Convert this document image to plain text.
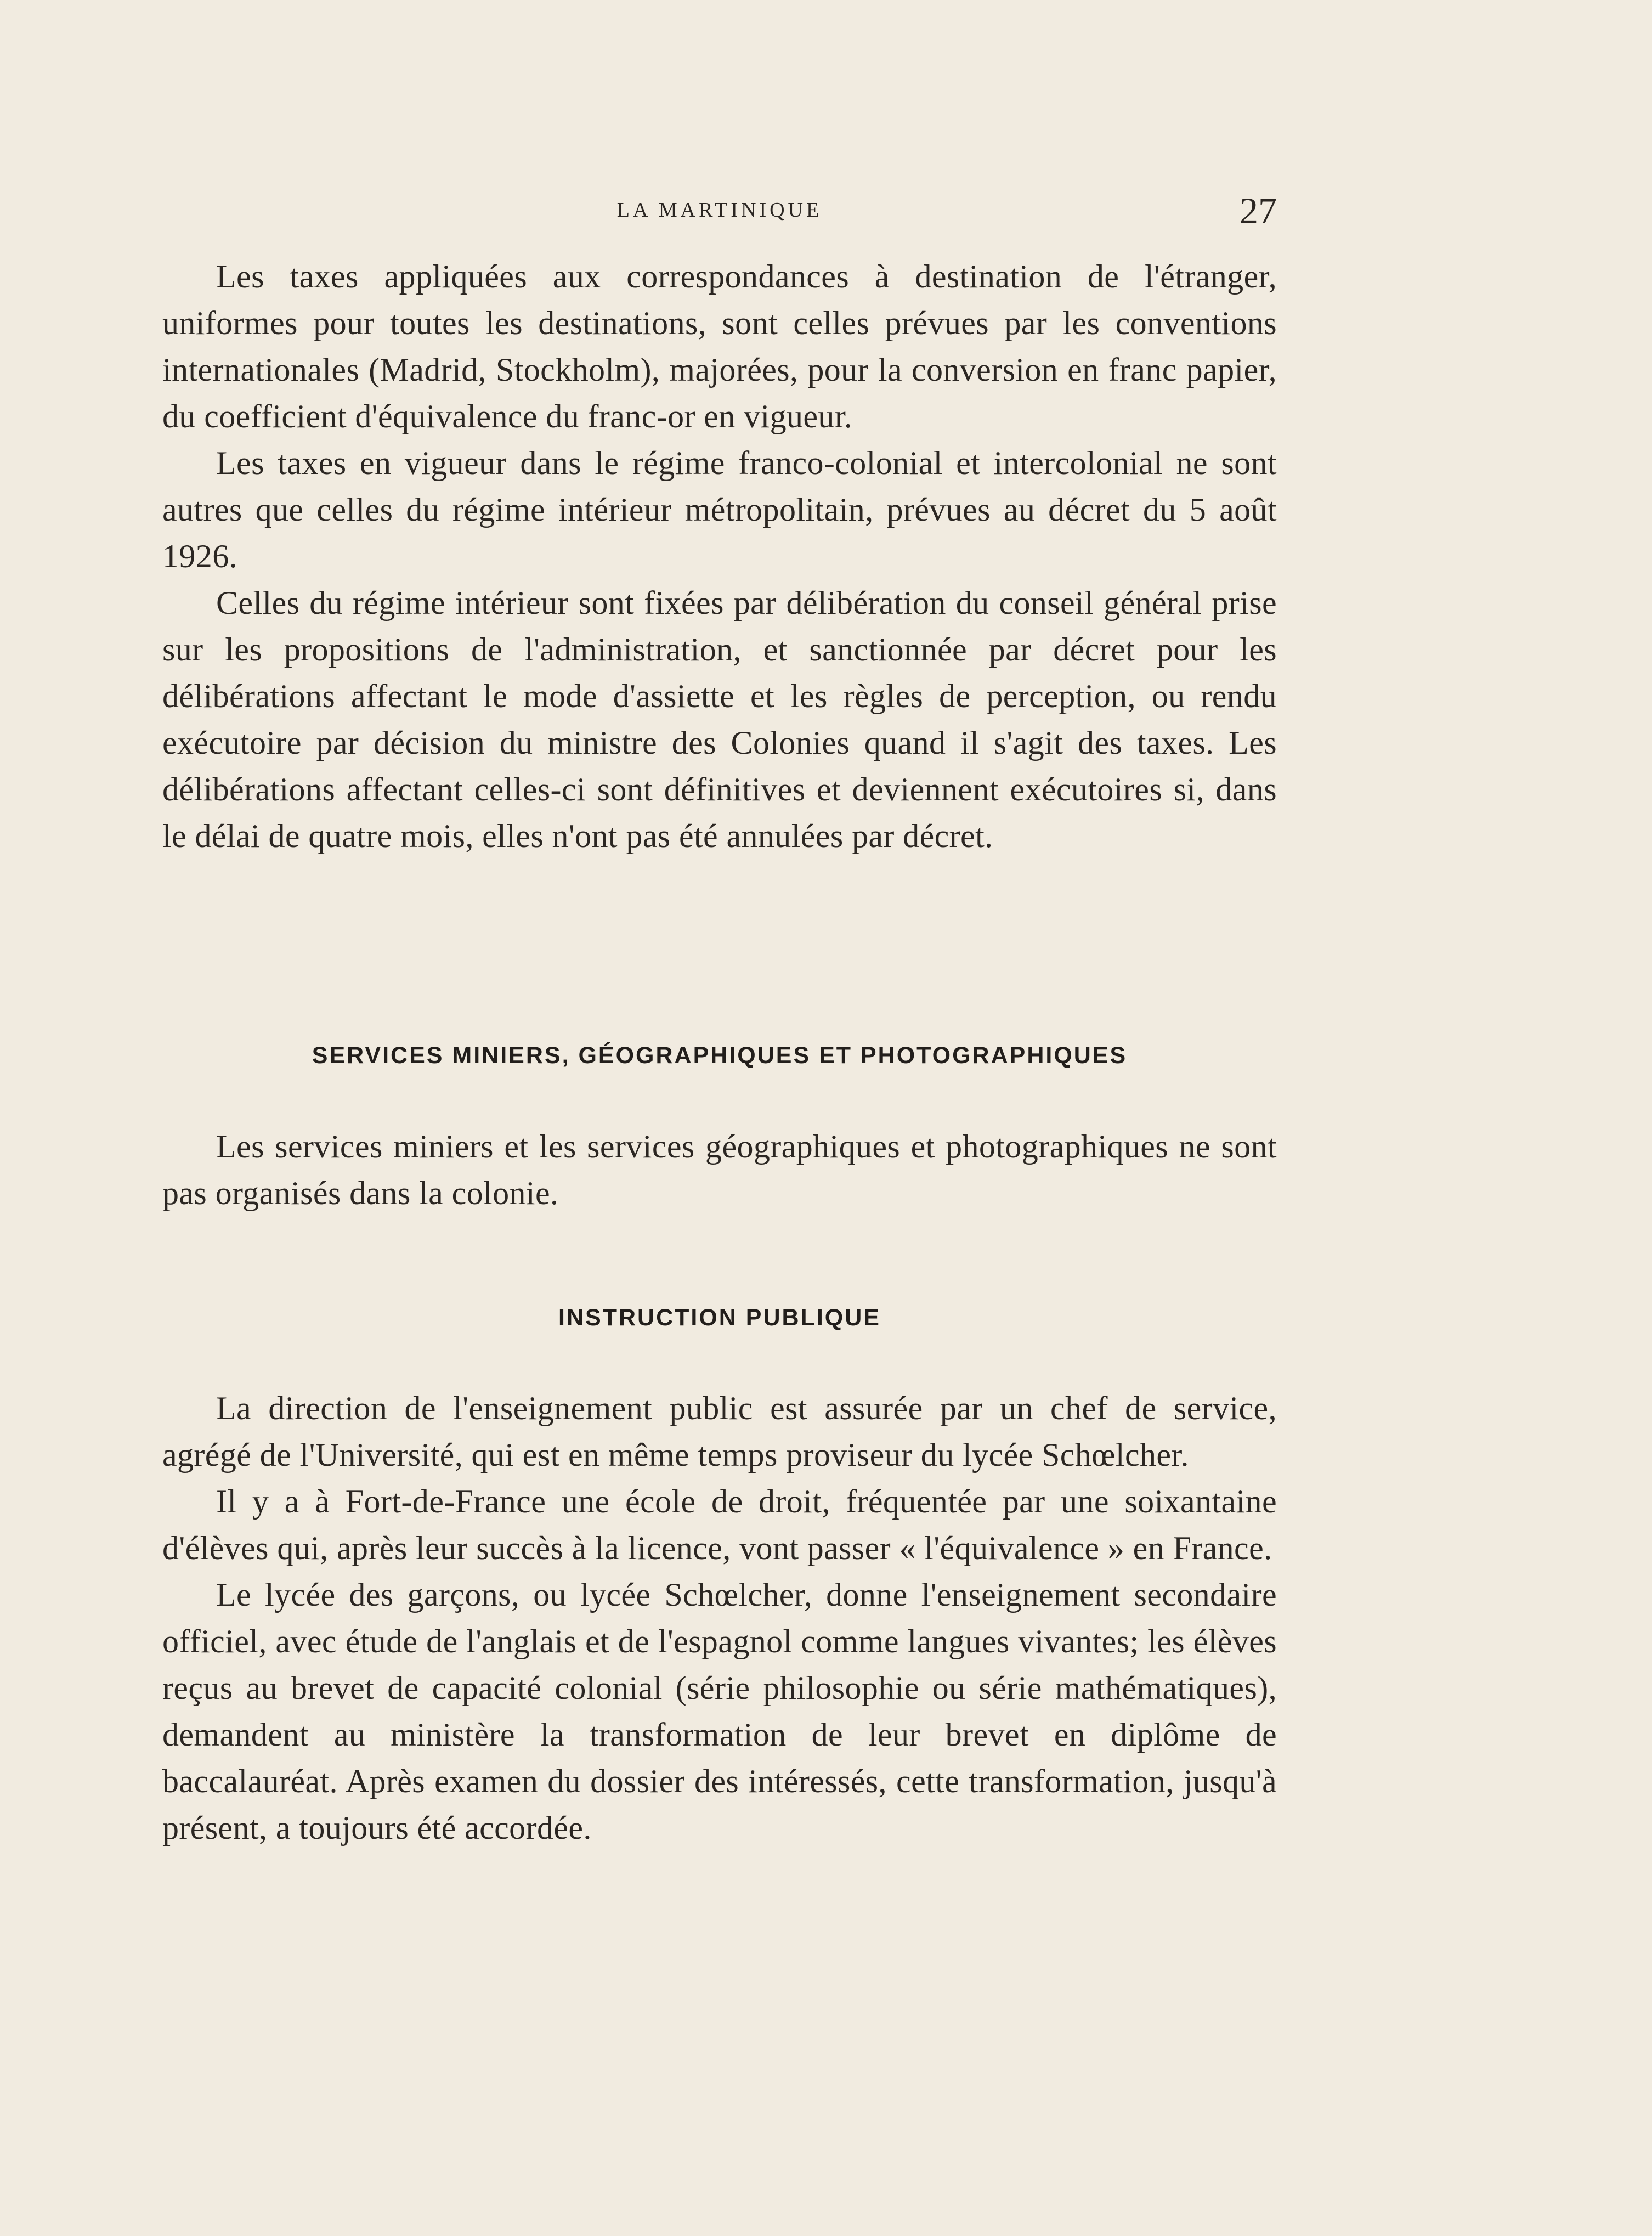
LA MARTINIQUE	27

Les taxes appliquées aux correspondances à destination de l'étranger, uniformes pour toutes les destinations, sont celles prévues par les conventions internationales (Madrid, Stockholm), majorées, pour la conversion en franc papier, du coefficient d'équivalence du franc-or en vigueur.

Les taxes en vigueur dans le régime franco-colonial et intercolonial ne sont autres que celles du régime intérieur métropolitain, prévues au décret du 5 août 1926.

Celles du régime intérieur sont fixées par délibération du conseil général prise sur les propositions de l'administration, et sanctionnée par décret pour les délibérations affectant le mode d'assiette et les règles de perception, ou rendu exécutoire par décision du ministre des Colonies quand il s'agit des taxes. Les délibérations affectant celles-ci sont définitives et deviennent exécutoires si, dans le délai de quatre mois, elles n'ont pas été annulées par décret.

SERVICES MINIERS, GÉOGRAPHIQUES ET PHOTOGRAPHIQUES

Les services miniers et les services géographiques et photographiques ne sont pas organisés dans la colonie.

INSTRUCTION PUBLIQUE

La direction de l'enseignement public est assurée par un chef de service, agrégé de l'Université, qui est en même temps proviseur du lycée Schœlcher.

Il y a à Fort-de-France une école de droit, fréquentée par une soixantaine d'élèves qui, après leur succès à la licence, vont passer « l'équivalence » en France.

Le lycée des garçons, ou lycée Schœlcher, donne l'enseignement secondaire officiel, avec étude de l'anglais et de l'espagnol comme langues vivantes; les élèves reçus au brevet de capacité colonial (série philosophie ou série mathématiques), demandent au ministère la transformation de leur brevet en diplôme de baccalauréat. Après examen du dossier des intéressés, cette transformation, jusqu'à présent, a toujours été accordée.
